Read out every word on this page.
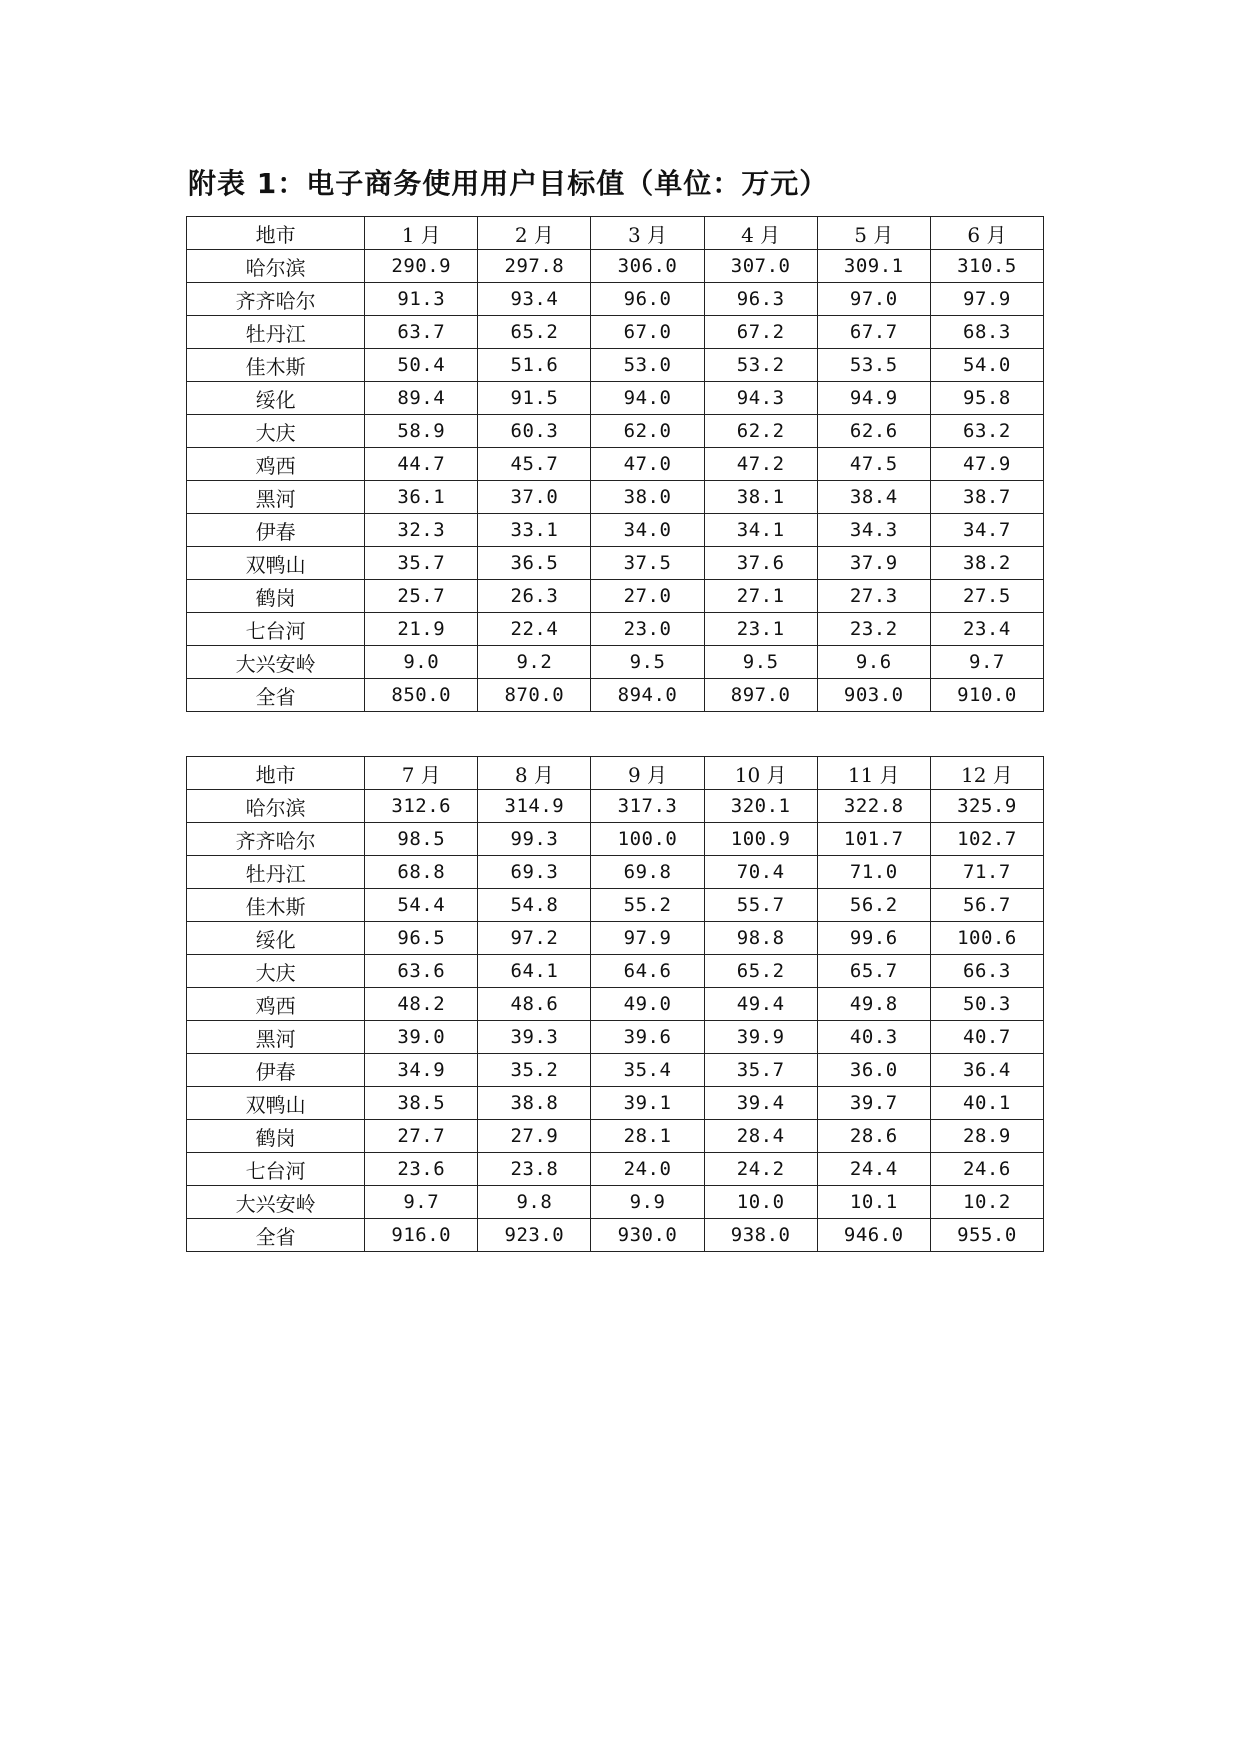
附表 1：电子商务使用用户目标值（单位：万元）
地市	1 月	2 月	3 月	4 月	5 月	6 月
哈尔滨	290.9	297.8	306.0	307.0	309.1	310.5
齐齐哈尔	91.3	93.4	96.0	96.3	97.0	97.9
牡丹江	63.7	65.2	67.0	67.2	67.7	68.3
佳木斯	50.4	51.6	53.0	53.2	53.5	54.0
绥化	89.4	91.5	94.0	94.3	94.9	95.8
大庆	58.9	60.3	62.0	62.2	62.6	63.2
鸡西	44.7	45.7	47.0	47.2	47.5	47.9
黑河	36.1	37.0	38.0	38.1	38.4	38.7
伊春	32.3	33.1	34.0	34.1	34.3	34.7
双鸭山	35.7	36.5	37.5	37.6	37.9	38.2
鹤岗	25.7	26.3	27.0	27.1	27.3	27.5
七台河	21.9	22.4	23.0	23.1	23.2	23.4
大兴安岭	9.0	9.2	9.5	9.5	9.6	9.7
全省	850.0	870.0	894.0	897.0	903.0	910.0
地市	7 月	8 月	9 月	10 月	11 月	12 月
哈尔滨	312.6	314.9	317.3	320.1	322.8	325.9
齐齐哈尔	98.5	99.3	100.0	100.9	101.7	102.7
牡丹江	68.8	69.3	69.8	70.4	71.0	71.7
佳木斯	54.4	54.8	55.2	55.7	56.2	56.7
绥化	96.5	97.2	97.9	98.8	99.6	100.6
大庆	63.6	64.1	64.6	65.2	65.7	66.3
鸡西	48.2	48.6	49.0	49.4	49.8	50.3
黑河	39.0	39.3	39.6	39.9	40.3	40.7
伊春	34.9	35.2	35.4	35.7	36.0	36.4
双鸭山	38.5	38.8	39.1	39.4	39.7	40.1
鹤岗	27.7	27.9	28.1	28.4	28.6	28.9
七台河	23.6	23.8	24.0	24.2	24.4	24.6
大兴安岭	9.7	9.8	9.9	10.0	10.1	10.2
全省	916.0	923.0	930.0	938.0	946.0	955.0
